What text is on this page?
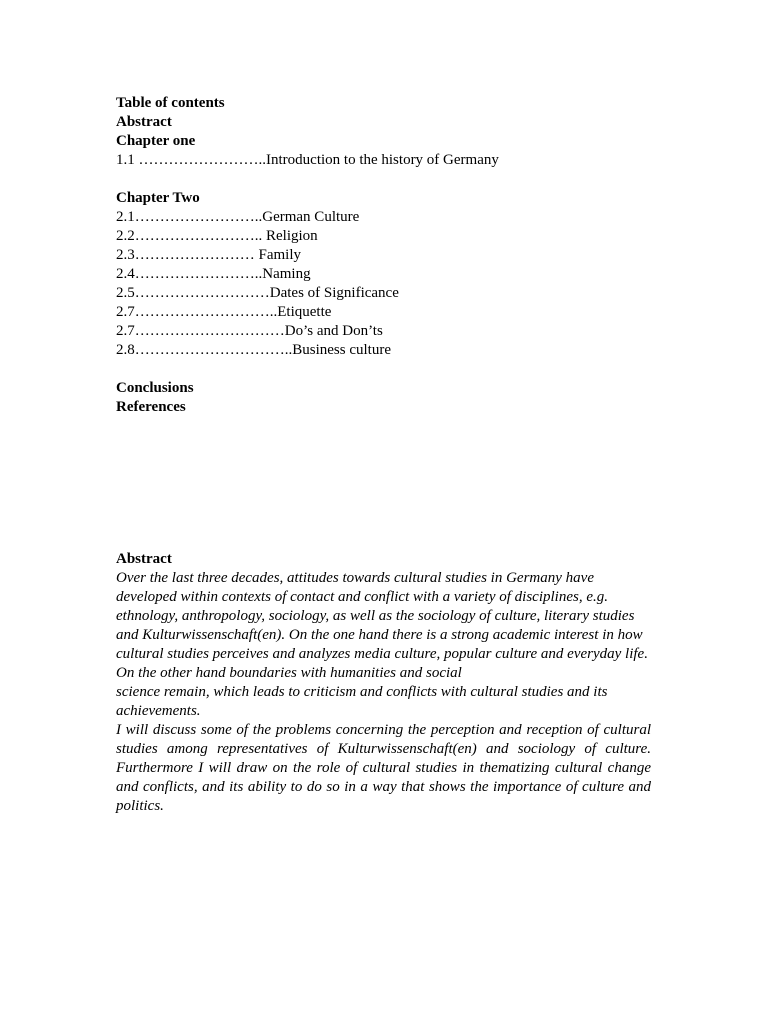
Table of contents
Abstract
Chapter one
1.1 ……………………..Introduction to the history of Germany
Chapter Two
2.1……………………..German Culture
2.2…………………….. Religion
2.3…………………… Family
2.4……………………..Naming
2.5………………………Dates of Significance
2.7………………………..Etiquette
2.7…………………………Do’s and Don’ts
2.8…………………………..Business culture
Conclusions
References
Abstract

Over the last three decades, attitudes towards cultural studies in Germany have developed within contexts of contact and conflict with a variety of disciplines, e.g. ethnology, anthropology, sociology, as well as the sociology of culture, literary studies and Kulturwissenschaft(en). On the one hand there is a strong academic interest in how cultural studies perceives and analyzes media culture, popular culture and everyday life. On the other hand boundaries with humanities and social

science remain, which leads to criticism and conflicts with cultural studies and its achievements.

I will discuss some of the problems concerning the perception and reception of cultural studies among representatives of Kulturwissenschaft(en) and sociology of culture. Furthermore I will draw on the role of cultural studies in thematizing cultural change and conflicts, and its ability to do so in a way that shows the importance of culture and politics.
